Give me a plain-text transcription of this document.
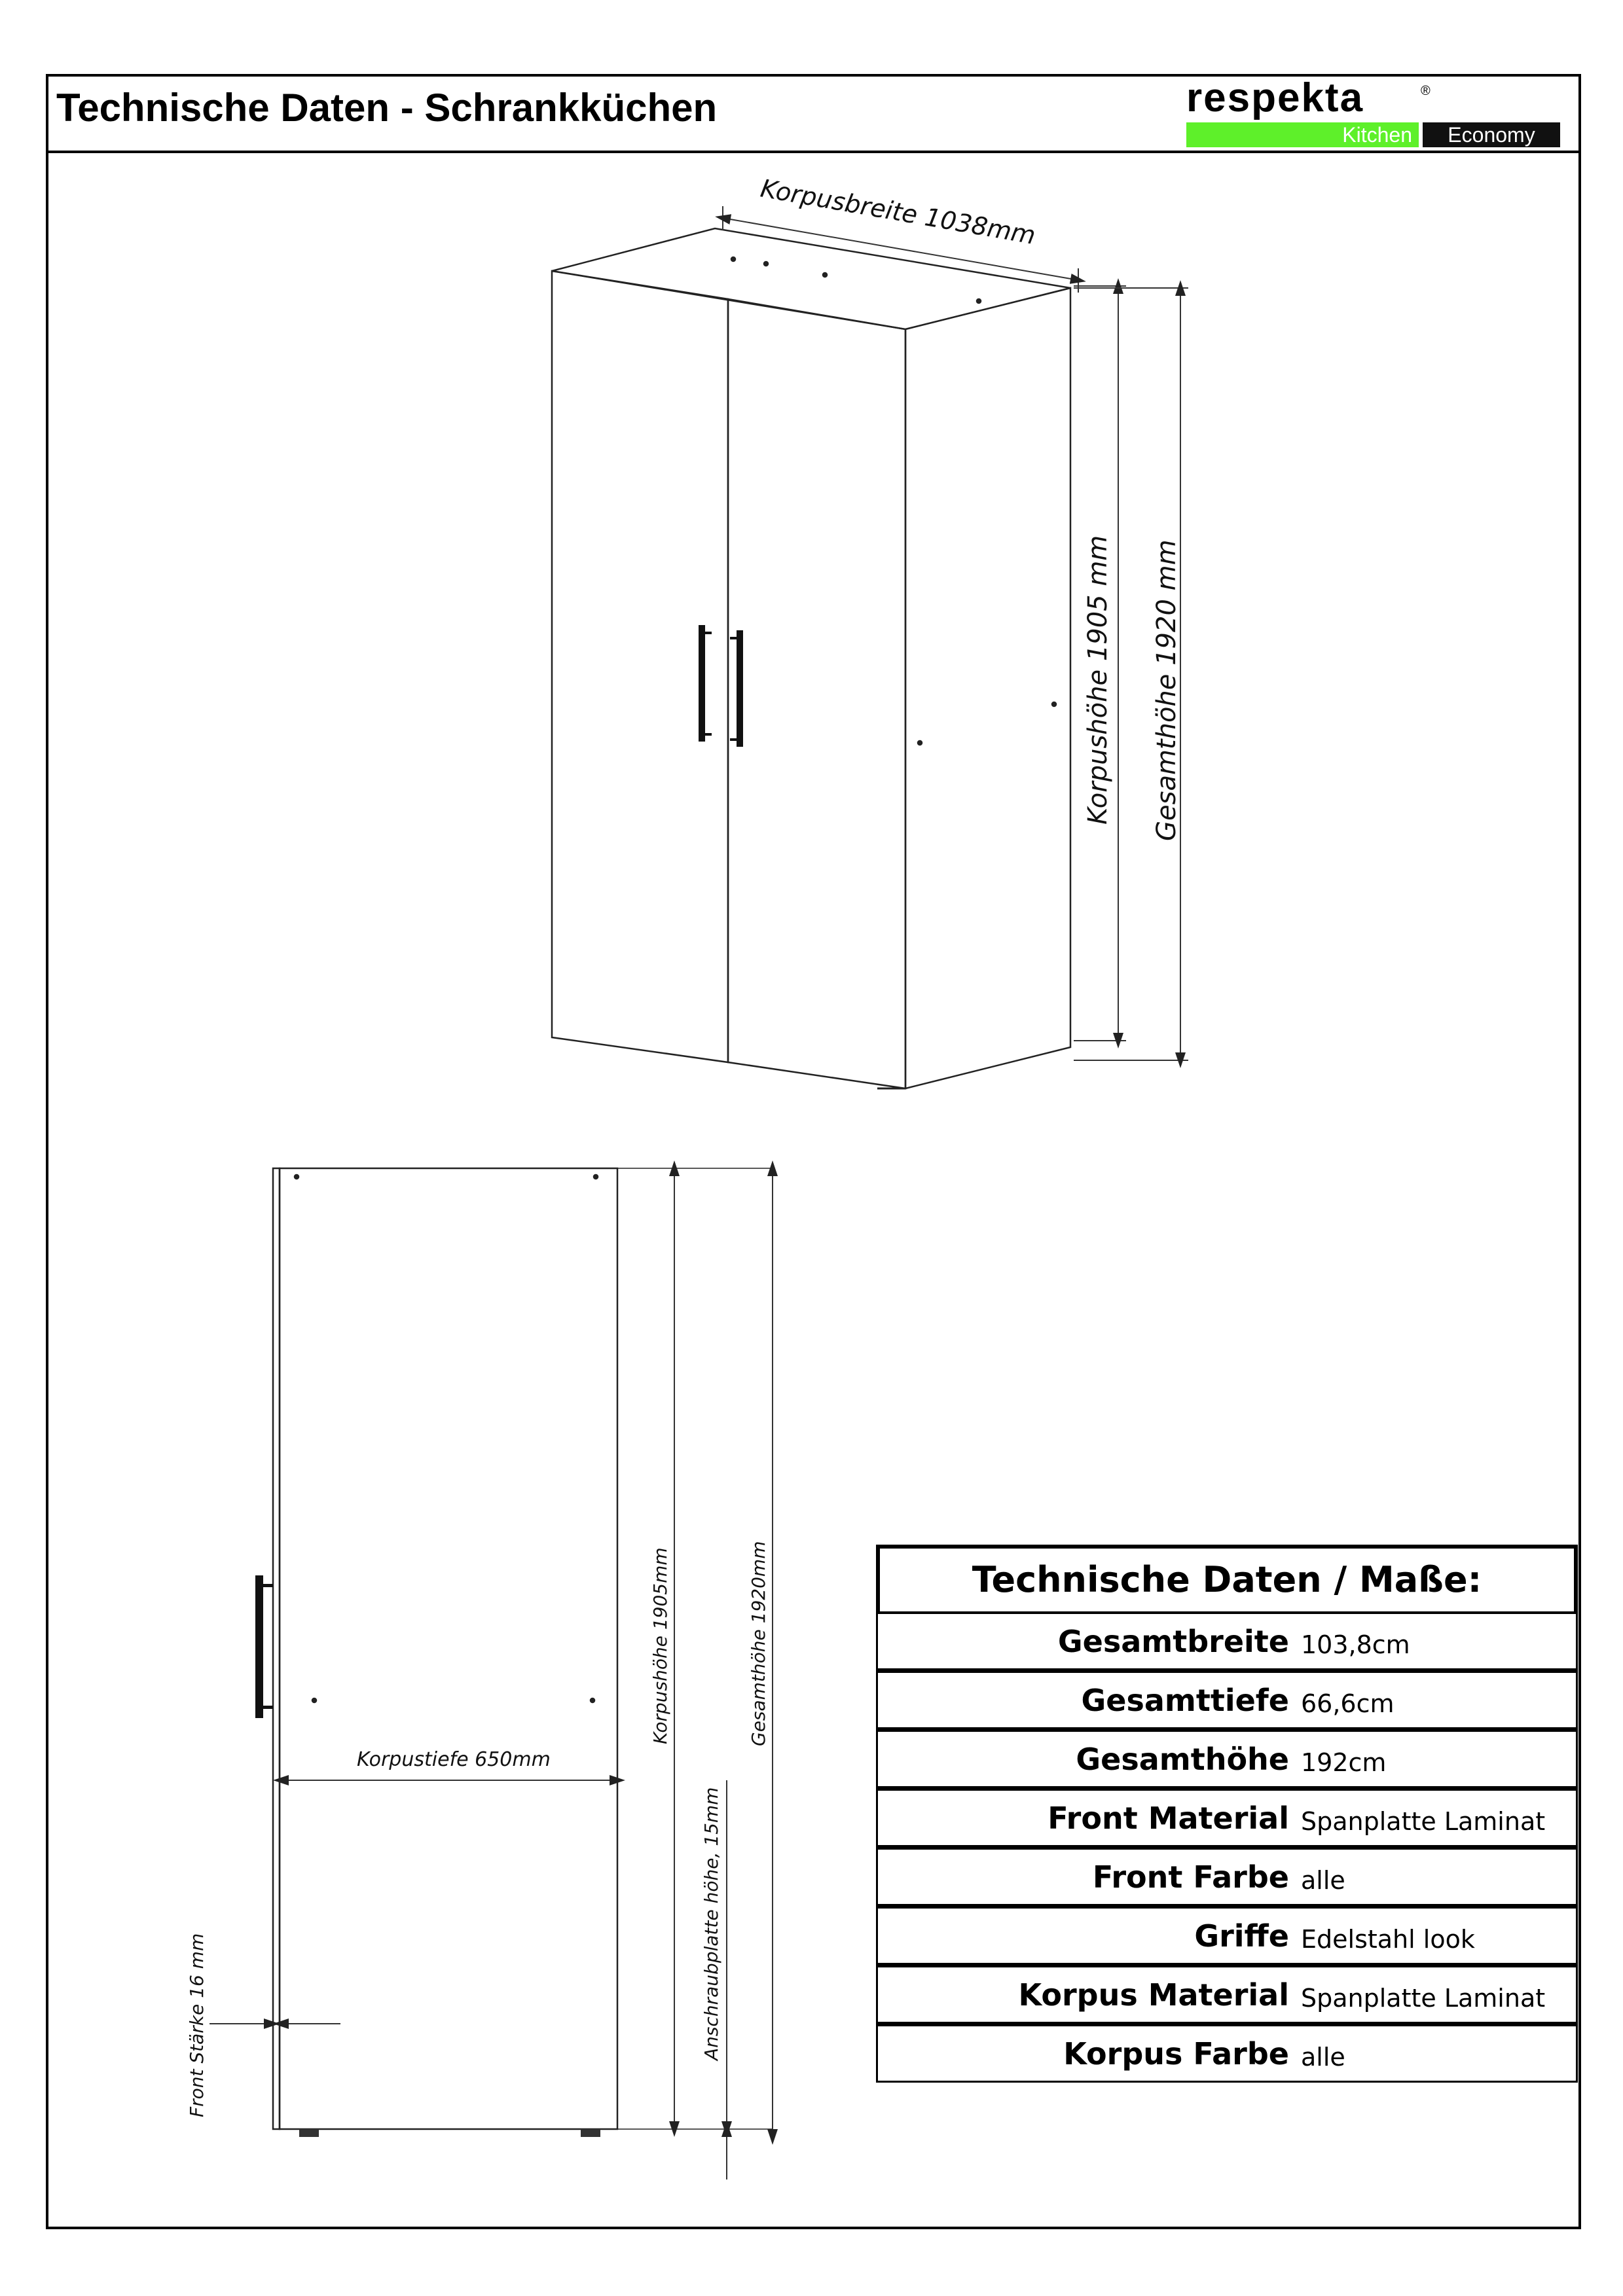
Technische Daten - Schrankküchen	respekta	®
Kitchen	Economy
Korpusbreite 1038mm
Korpushöhe 1905 mm Gesamthöhe 1920 mm
Korpustiefe 650mm
Korpushöhe 1905mm	Gesamthöhe 1920mm
Anschraubplatte höhe, 15mm
Front Stärke 16 mm
Technische Daten / Maße:
Gesamtbreite 103,8cm
Gesamttiefe 66,6cm
Gesamthöhe 192cm
Front Material Spanplatte Laminat
Front Farbe alle
Griffe Edelstahl look
Korpus Material Spanplatte Laminat
Korpus Farbe alle
